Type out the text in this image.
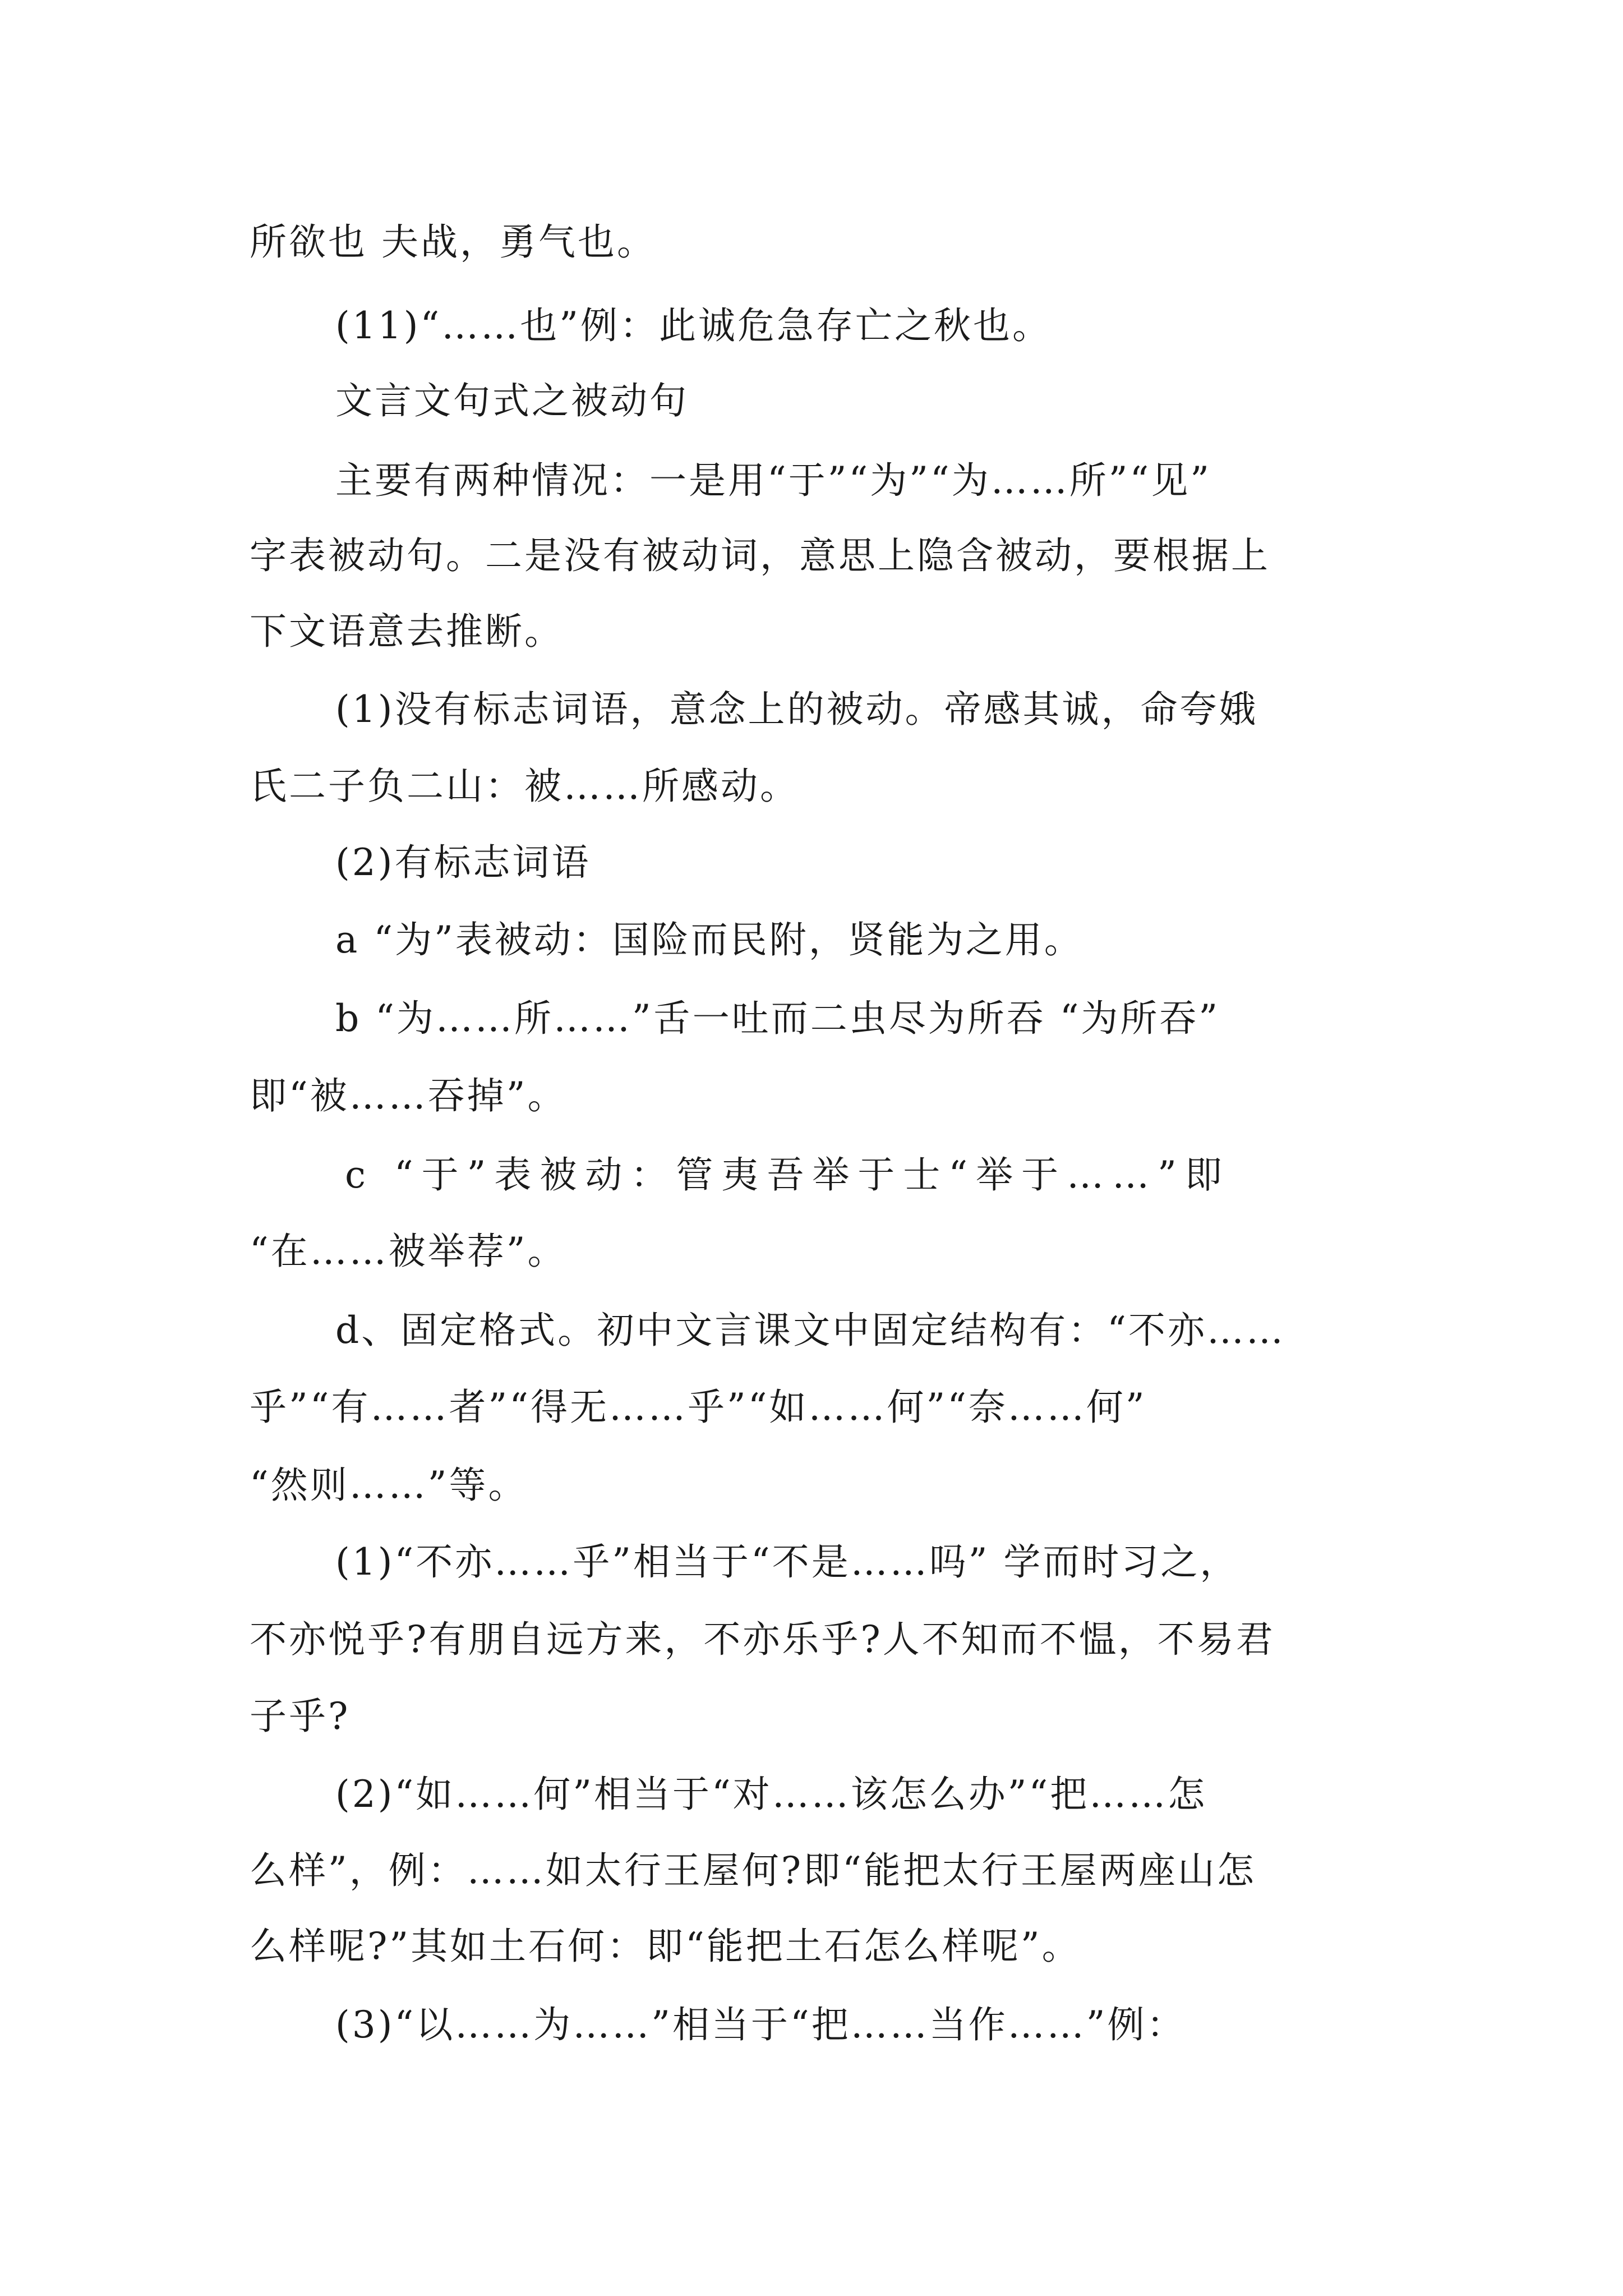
所欲也 夫战，勇气也。
(11)“……也”例：此诚危急存亡之秋也。
文言文句式之被动句
主要有两种情况：一是用“于”“为”“为……所”“见”
字表被动句。二是没有被动词，意思上隐含被动，要根据上
下文语意去推断。
(1)没有标志词语，意念上的被动。帝感其诚，命夸娥
氏二子负二山：被……所感动。
(2)有标志词语
a “为”表被动：国险而民附，贤能为之用。
b “为……所……”舌一吐而二虫尽为所吞 “为所吞”
即“被……吞掉”。
c “于”表被动：管夷吾举于士“举于……”即
“在……被举荐”。
d、固定格式。初中文言课文中固定结构有：“不亦……
乎”“有……者”“得无……乎”“如……何”“奈……何”
“然则……”等。
(1)“不亦……乎”相当于“不是……吗” 学而时习之，
不亦悦乎?有朋自远方来，不亦乐乎?人不知而不愠，不易君
子乎?
(2)“如……何”相当于“对……该怎么办”“把……怎
么样”，例：……如太行王屋何?即“能把太行王屋两座山怎
么样呢?”其如土石何：即“能把土石怎么样呢”。
(3)“以……为……”相当于“把……当作……”例：
